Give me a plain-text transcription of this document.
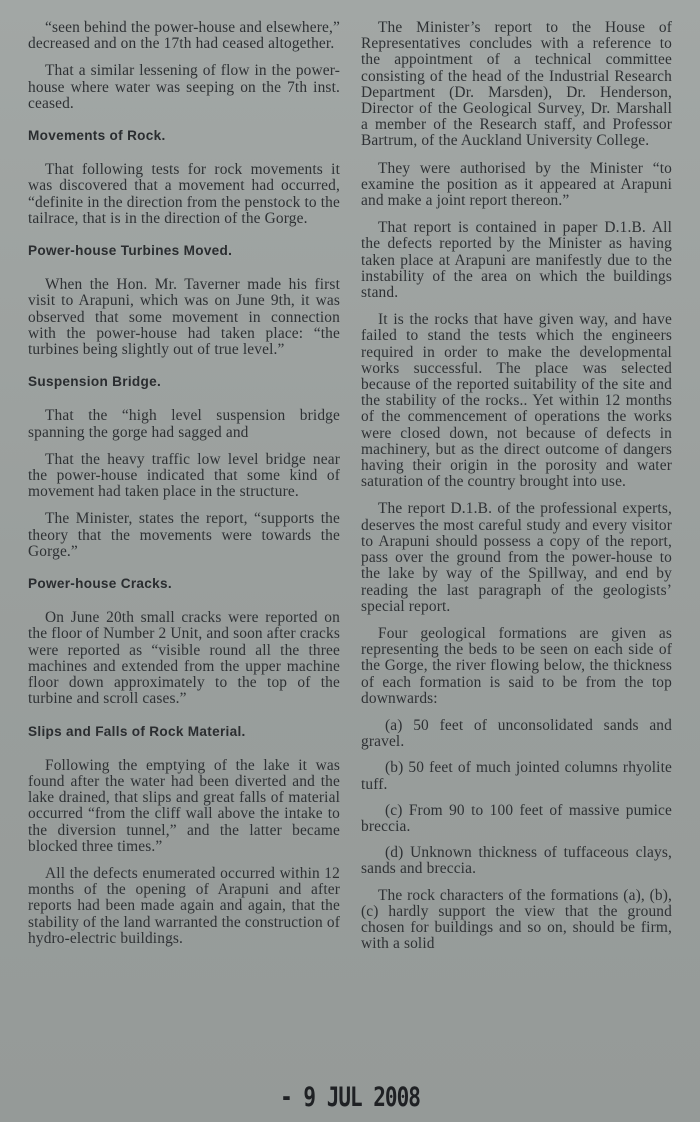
“seen behind the power-house and elsewhere,” decreased and on the 17th had ceased altogether.

That a similar lessening of flow in the power-house where water was seeping on the 7th inst. ceased.

Movements of Rock.

That following tests for rock movements it was discovered that a movement had occurred, “definite in the direction from the penstock to the tailrace, that is in the direction of the Gorge.

Power-house Turbines Moved.

When the Hon. Mr. Taverner made his first visit to Arapuni, which was on June 9th, it was observed that some movement in connection with the power-house had taken place: “the turbines being slightly out of true level.”

Suspension Bridge.

That the “high level suspension bridge spanning the gorge had sagged and

That the heavy traffic low level bridge near the power-house indicated that some kind of movement had taken place in the structure.

The Minister, states the report, “supports the theory that the movements were towards the Gorge.”

Power-house Cracks.

On June 20th small cracks were reported on the floor of Number 2 Unit, and soon after cracks were reported as “visible round all the three machines and extended from the upper machine floor down approximately to the top of the turbine and scroll cases.”

Slips and Falls of Rock Material.

Following the emptying of the lake it was found after the water had been diverted and the lake drained, that slips and great falls of material occurred “from the cliff wall above the intake to the diversion tunnel,” and the latter became blocked three times.”

All the defects enumerated occurred within 12 months of the opening of Arapuni and after reports had been made again and again, that the stability of the land warranted the construction of hydro-electric buildings.

The Minister’s report to the House of Representatives concludes with a reference to the appointment of a technical committee consisting of the head of the Industrial Research Department (Dr. Marsden), Dr. Henderson, Director of the Geological Survey, Dr. Marshall a member of the Research staff, and Professor Bartrum, of the Auckland University College.

They were authorised by the Minister “to examine the position as it appeared at Arapuni and make a joint report thereon.”

That report is contained in paper D.1.B. All the defects reported by the Minister as having taken place at Arapuni are manifestly due to the instability of the area on which the buildings stand.

It is the rocks that have given way, and have failed to stand the tests which the engineers required in order to make the developmental works successful. The place was selected because of the reported suitability of the site and the stability of the rocks.. Yet within 12 months of the commencement of operations the works were closed down, not because of defects in machinery, but as the direct outcome of dangers having their origin in the porosity and water saturation of the country brought into use.

The report D.1.B. of the professional experts, deserves the most careful study and every visitor to Arapuni should possess a copy of the report, pass over the ground from the power-house to the lake by way of the Spillway, and end by reading the last paragraph of the geologists’ special report.

Four geological formations are given as representing the beds to be seen on each side of the Gorge, the river flowing below, the thickness of each formation is said to be from the top downwards:

(a) 50 feet of unconsolidated sands and gravel.

(b) 50 feet of much jointed columns rhyolite tuff.

(c) From 90 to 100 feet of massive pumice breccia.

(d) Unknown thickness of tuffaceous clays, sands and breccia.

The rock characters of the formations (a), (b), (c) hardly support the view that the ground chosen for buildings and so on, should be firm, with a solid

- 9 JUL 2008
